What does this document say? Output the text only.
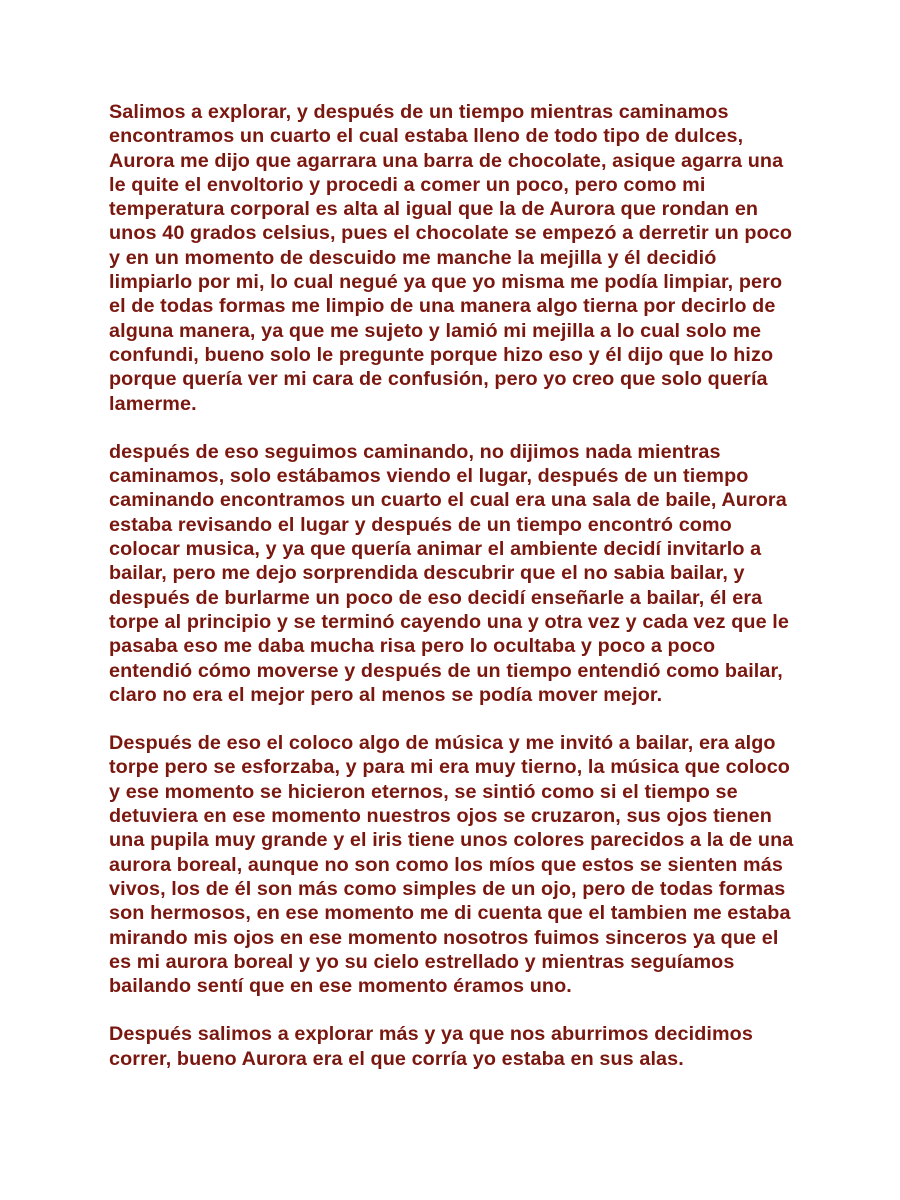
Salimos a explorar, y después de un tiempo mientras caminamos encontramos un cuarto el cual estaba lleno de todo tipo de dulces, Aurora me dijo que agarrara una barra de chocolate, asique agarra una le quite el envoltorio y procedi a comer un poco, pero como mi temperatura corporal es alta al igual que la de Aurora que rondan en unos 40 grados celsius, pues el chocolate se empezó a derretir un poco y en un momento de descuido me manche la mejilla y él decidió limpiarlo por mi, lo cual negué ya que yo misma me podía limpiar, pero el de todas formas me limpio de una manera algo tierna por decirlo de alguna manera, ya que me sujeto y lamió mi mejilla a lo cual solo me confundi, bueno solo le pregunte porque hizo eso y él dijo que lo hizo porque quería ver mi cara de confusión, pero yo creo que solo quería lamerme.

después de eso seguimos caminando, no dijimos nada mientras caminamos, solo estábamos viendo el lugar, después de un tiempo caminando encontramos un cuarto el cual era una sala de baile, Aurora estaba revisando el lugar y después de un tiempo encontró como colocar musica, y ya que quería animar el ambiente decidí invitarlo a bailar, pero me dejo sorprendida descubrir que el no sabia bailar, y después de burlarme un poco de eso decidí enseñarle a bailar, él era torpe al principio y se terminó cayendo una y otra vez y cada vez que le pasaba eso me daba mucha risa pero lo ocultaba y poco a poco entendió cómo moverse y después de un tiempo entendió como bailar, claro no era el mejor pero al menos se podía mover mejor.

Después de eso el coloco algo de música y me invitó a bailar, era algo torpe pero se esforzaba, y para mi era muy tierno, la música que coloco y ese momento se hicieron eternos, se sintió como si el tiempo se detuviera en ese momento nuestros ojos se cruzaron, sus ojos tienen una pupila muy grande y el iris tiene unos colores parecidos a la de una aurora boreal, aunque no son como los míos que estos se sienten más vivos, los de él son más como simples de un ojo, pero de todas formas son hermosos, en ese momento me di cuenta que el tambien me estaba mirando mis ojos en ese momento nosotros fuimos sinceros ya que el es mi aurora boreal y yo su cielo estrellado y mientras seguíamos bailando sentí que en ese momento éramos uno.

Después salimos a explorar más y ya que nos aburrimos decidimos correr, bueno Aurora era el que corría yo estaba en sus alas.
